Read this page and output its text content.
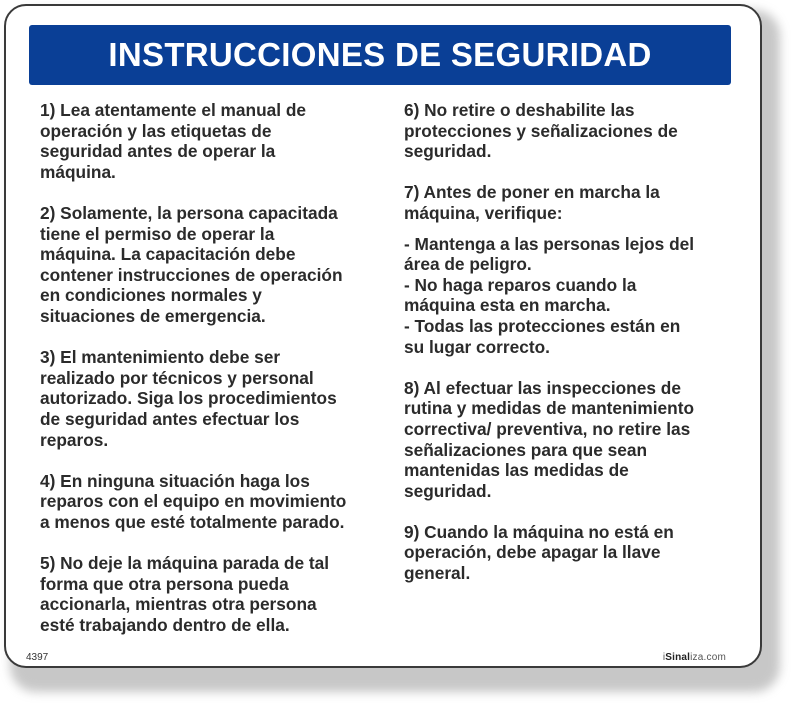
INSTRUCCIONES DE SEGURIDAD

1) Lea atentamente el manual de
operación y las etiquetas de
seguridad antes de operar la
máquina.

2) Solamente, la persona capacitada
tiene el permiso de operar la
máquina. La capacitación debe
contener instrucciones de operación
en condiciones normales y
situaciones de emergencia.

3) El mantenimiento debe ser
realizado por técnicos y personal
autorizado. Siga los procedimientos
de seguridad antes efectuar los
reparos.

4) En ninguna situación haga los
reparos con el equipo en movimiento
a menos que esté totalmente parado.

5) No deje la máquina parada de tal
forma que otra persona pueda
accionarla, mientras otra persona
esté trabajando dentro de ella.

6) No retire o deshabilite las
protecciones y señalizaciones de
seguridad.

7) Antes de poner en marcha la
máquina, verifique:

- Mantenga a las personas lejos del
área de peligro.

- No haga reparos cuando la
máquina esta en marcha.

- Todas las protecciones están en
su lugar correcto.

8) Al efectuar las inspecciones de
rutina y medidas de mantenimiento
correctiva/ preventiva, no retire las
señalizaciones para que sean
mantenidas las medidas de
seguridad.

9) Cuando la máquina no está en
operación, debe apagar la llave
general.

4397	iSinaliza.com
